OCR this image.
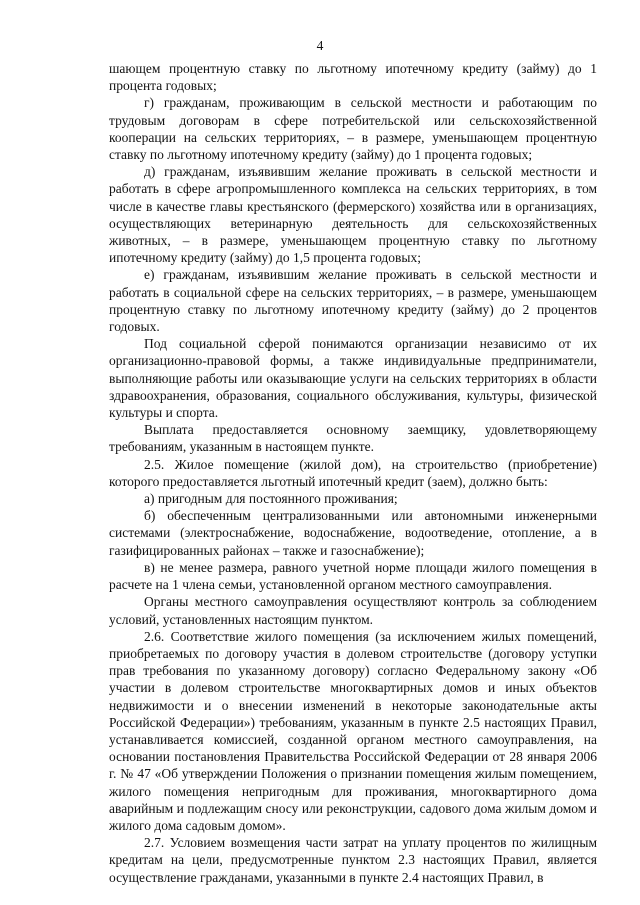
4

шающем процентную ставку по льготному ипотечному кредиту (займу) до 1 процента годовых;

г) гражданам, проживающим в сельской местности и работающим по трудовым договорам в сфере потребительской или сельскохозяйственной кооперации на сельских территориях, – в размере, уменьшающем процентную ставку по льготному ипотечному кредиту (займу) до 1 процента годовых;

д) гражданам, изъявившим желание проживать в сельской местности и работать в сфере агропромышленного комплекса на сельских территориях, в том числе в качестве главы крестьянского (фермерского) хозяйства или в организациях, осуществляющих ветеринарную деятельность для сельскохозяйственных животных, – в размере, уменьшающем процентную ставку по льготному ипотечному кредиту (займу) до 1,5 процента годовых;

е) гражданам, изъявившим желание проживать в сельской местности и работать в социальной сфере на сельских территориях, – в размере, уменьшающем процентную ставку по льготному ипотечному кредиту (займу) до 2 процентов годовых.

Под социальной сферой понимаются организации независимо от их организационно-правовой формы, а также индивидуальные предприниматели, выполняющие работы или оказывающие услуги на сельских территориях в области здравоохранения, образования, социального обслуживания, культуры, физической культуры и спорта.

Выплата предоставляется основному заемщику, удовлетворяющему требованиям, указанным в настоящем пункте.

2.5. Жилое помещение (жилой дом), на строительство (приобретение) которого предоставляется льготный ипотечный кредит (заем), должно быть:

а) пригодным для постоянного проживания;

б) обеспеченным централизованными или автономными инженерными системами (электроснабжение, водоснабжение, водоотведение, отопление, а в газифицированных районах – также и газоснабжение);

в) не менее размера, равного учетной норме площади жилого помещения в расчете на 1 члена семьи, установленной органом местного самоуправления.

Органы местного самоуправления осуществляют контроль за соблюдением условий, установленных настоящим пунктом.

2.6. Соответствие жилого помещения (за исключением жилых помещений, приобретаемых по договору участия в долевом строительстве (договору уступки прав требования по указанному договору) согласно Федеральному закону «Об участии в долевом строительстве многоквартирных домов и иных объектов недвижимости и о внесении изменений в некоторые законодательные акты Российской Федерации») требованиям, указанным в пункте 2.5 настоящих Правил, устанавливается комиссией, созданной органом местного самоуправления, на основании постановления Правительства Российской Федерации от 28 января 2006 г. № 47 «Об утверждении Положения о признании помещения жилым помещением, жилого помещения непригодным для проживания, многоквартирного дома аварийным и подлежащим сносу или реконструкции, садового дома жилым домом и жилого дома садовым домом».

2.7. Условием возмещения части затрат на уплату процентов по жилищным кредитам на цели, предусмотренные пунктом 2.3 настоящих Правил, является осуществление гражданами, указанными в пункте 2.4 настоящих Правил, в
